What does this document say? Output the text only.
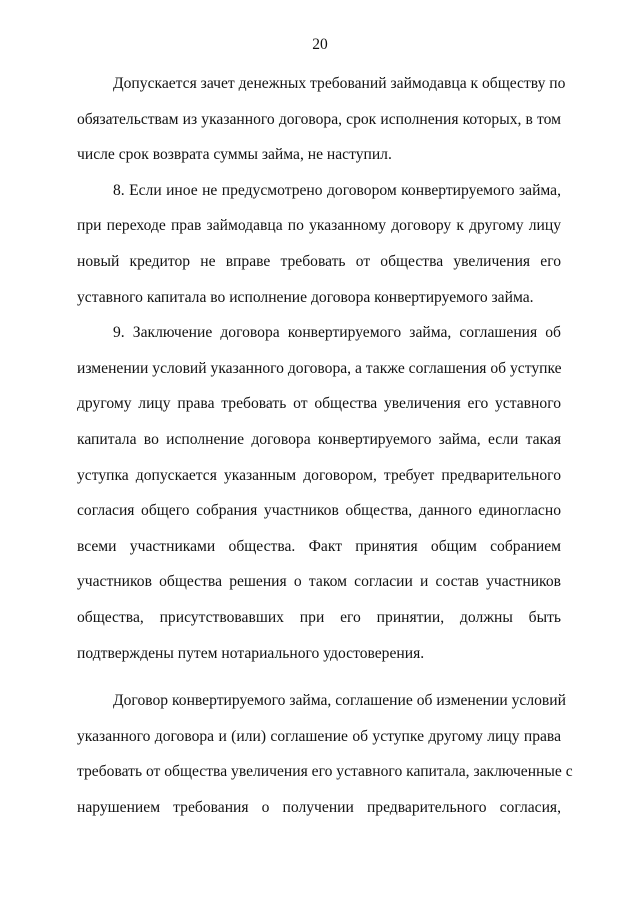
20
Допускается зачет денежных требований займодавца к обществу по
обязательствам из указанного договора, срок исполнения которых, в том
числе срок возврата суммы займа, не наступил.
8. Если иное не предусмотрено договором конвертируемого займа,
при переходе прав займодавца по указанному договору к другому лицу
новый кредитор не вправе требовать от общества увеличения его
уставного капитала во исполнение договора конвертируемого займа.
9. Заключение договора конвертируемого займа, соглашения об
изменении условий указанного договора, а также соглашения об уступке
другому лицу права требовать от общества увеличения его уставного
капитала во исполнение договора конвертируемого займа, если такая
уступка допускается указанным договором, требует предварительного
согласия общего собрания участников общества, данного единогласно
всеми участниками общества. Факт принятия общим собранием
участников общества решения о таком согласии и состав участников
общества, присутствовавших при его принятии, должны быть
подтверждены путем нотариального удостоверения.
Договор конвертируемого займа, соглашение об изменении условий
указанного договора и (или) соглашение об уступке другому лицу права
требовать от общества увеличения его уставного капитала, заключенные с
нарушением требования о получении предварительного согласия,
